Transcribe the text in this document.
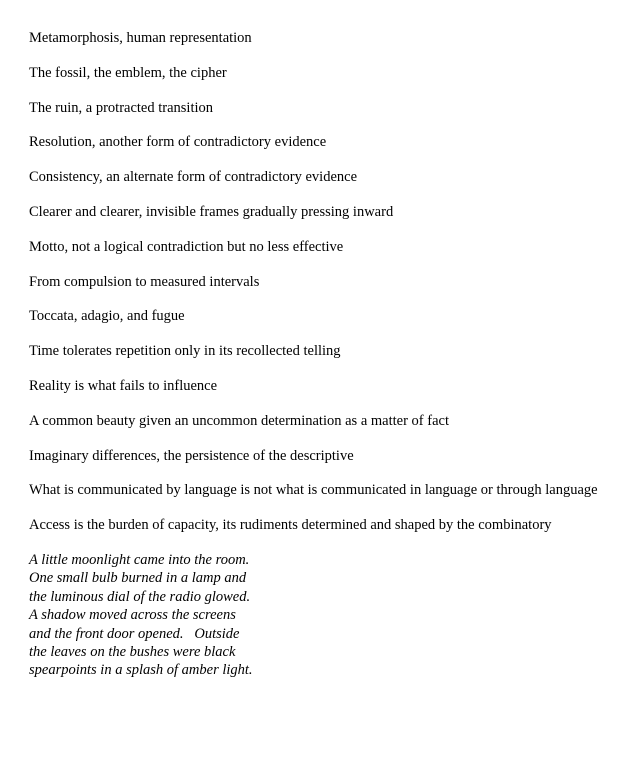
Metamorphosis, human representation

The fossil, the emblem, the cipher

The ruin, a protracted transition

Resolution, another form of contradictory evidence

Consistency, an alternate form of contradictory evidence

Clearer and clearer, invisible frames gradually pressing inward

Motto, not a logical contradiction but no less effective

From compulsion to measured intervals

Toccata, adagio, and fugue

Time tolerates repetition only in its recollected telling

Reality is what fails to influence

A common beauty given an uncommon determination as a matter of fact

Imaginary differences, the persistence of the descriptive

What is communicated by language is not what is communicated in language or through language

Access is the burden of capacity, its rudiments determined and shaped by the combinatory

A little moonlight came into the room.
One small bulb burned in a lamp and
the luminous dial of the radio glowed.
A shadow moved across the screens
and the front door opened.   Outside
the leaves on the bushes were black
spearpoints in a splash of amber light.
